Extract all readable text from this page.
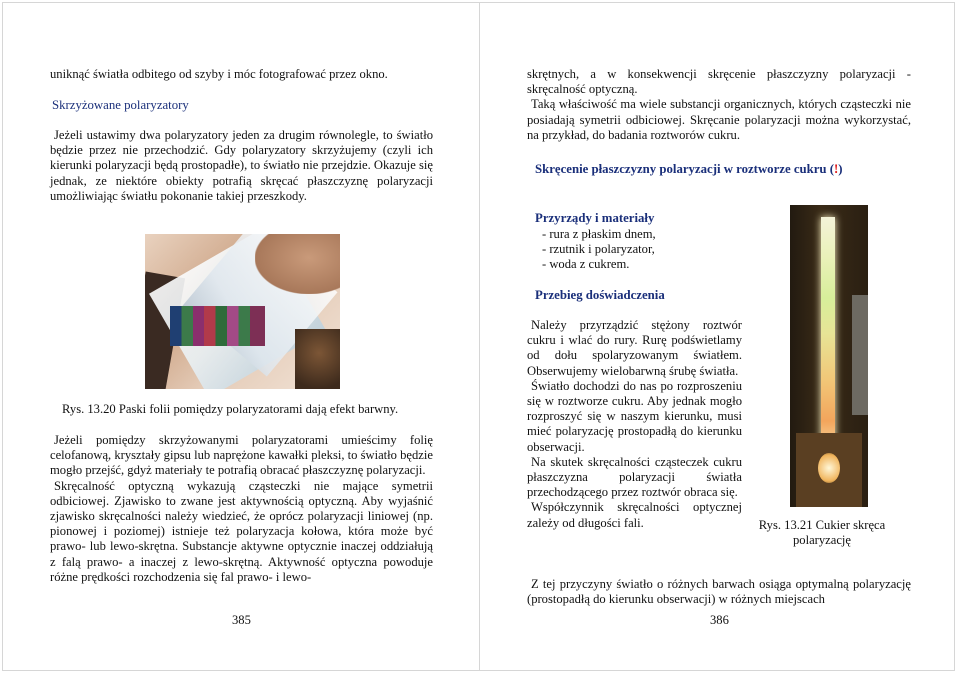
uniknąć światła odbitego od szyby i móc fotografować przez okno.
Skrzyżowane polaryzatory

Jeżeli ustawimy dwa polaryzatory jeden za drugim równolegle, to światło będzie przez nie przechodzić. Gdy polaryzatory skrzyżujemy (czyli ich kierunki polaryzacji będą prostopadłe), to światło nie przejdzie. Okazuje się jednak, ze niektóre obiekty potrafią skręcać płaszczyznę polaryzacji umożliwiając światłu pokonanie takiej przeszkody.

Rys. 13.20 Paski folii pomiędzy polaryzatorami dają efekt barwny.

Jeżeli pomiędzy skrzyżowanymi polaryzatorami umieścimy folię celofanową, kryształy gipsu lub naprężone kawałki pleksi, to światło będzie mogło przejść, gdyż materiały te potrafią obracać płaszczyznę polaryzacji.

Skręcalność optyczną wykazują cząsteczki nie mające symetrii odbiciowej. Zjawisko to zwane jest aktywnością optyczną. Aby wyjaśnić zjawisko skręcalności należy wiedzieć, że oprócz polaryzacji liniowej (np. pionowej i poziomej) istnieje też polaryzacja kołowa, która może być prawo- lub lewo-skrętna. Substancje aktywne optycznie inaczej oddziałują z falą prawo- a inaczej z lewo-skrętną. Aktywność optyczna powoduje różne prędkości rozchodzenia się fal prawo- i lewo-

385

skrętnych, a w konsekwencji skręcenie płaszczyzny polaryzacji - skręcalność optyczną.

Taką właściwość ma wiele substancji organicznych, których cząsteczki nie posiadają symetrii odbiciowej. Skręcanie polaryzacji można wykorzystać, na przykład, do badania roztworów cukru.

Skręcenie płaszczyzny polaryzacji w roztworze cukru (!)
Przyrządy i materiały
- rura z płaskim dnem,
- rzutnik i polaryzator,
- woda z cukrem.
Przebieg doświadczenia

Należy przyrządzić stężony roztwór cukru i wlać do rury. Rurę podświetlamy od dołu spolaryzowanym światłem. Obserwujemy wielobarwną śrubę światła.

Światło dochodzi do nas po rozproszeniu się w roztworze cukru. Aby jednak mogło rozproszyć się w naszym kierunku, musi mieć polaryzację prostopadłą do kierunku obserwacji.

Na skutek skręcalności cząsteczek cukru płaszczyzna polaryzacji światła przechodzącego przez roztwór obraca się.

Współczynnik skręcalności optycznej zależy od długości fali.	Rys. 13.21 Cukier skręca
polaryzację

Z tej przyczyny światło o różnych barwach osiąga optymalną polaryzację (prostopadłą do kierunku obserwacji) w różnych miejscach

386
